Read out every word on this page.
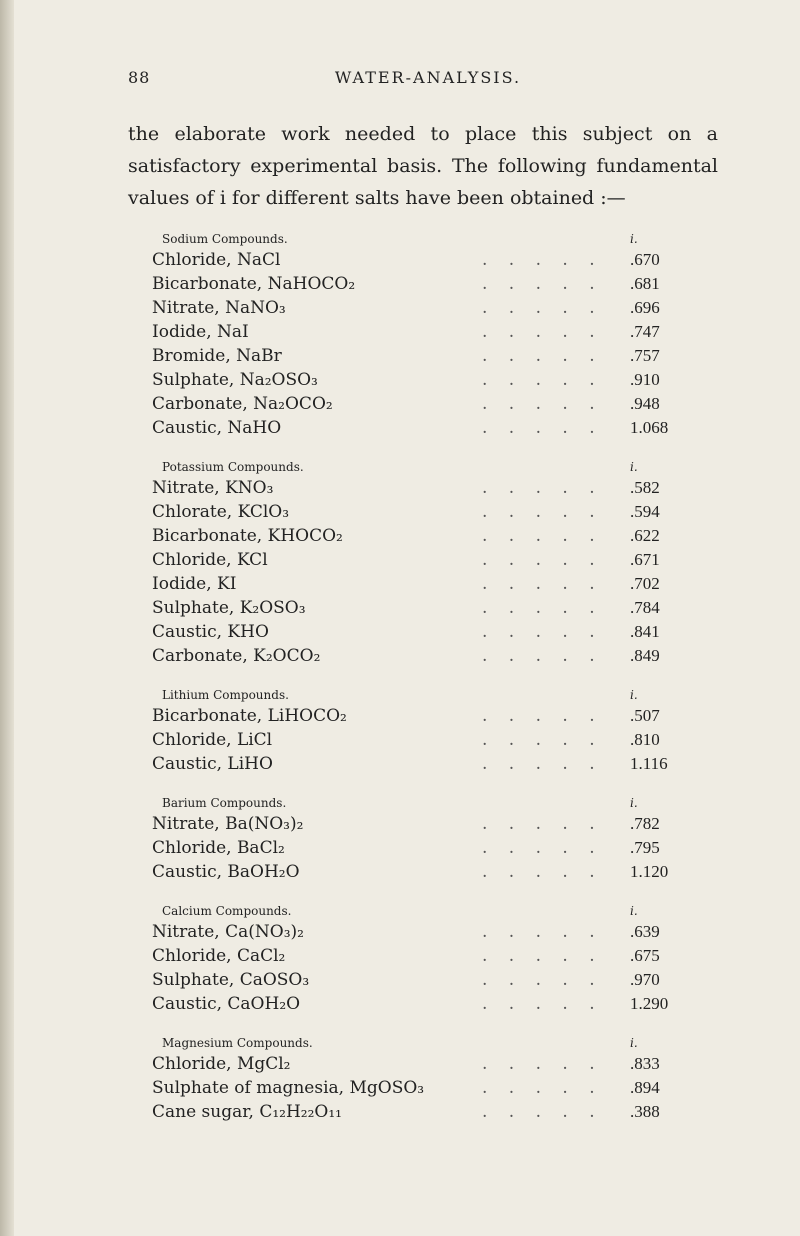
88	WATER-ANALYSIS.

the elaborate work needed to place this subject on a satisfactory experimental basis. The following fundamental values of i for different salts have been obtained :—

Sodium Compounds.	i.
Chloride, NaCl	. . . . . .670
Bicarbonate, NaHOCO₂	. . . . . .681
Nitrate, NaNO₃	. . . . . .696
Iodide, NaI	. . . . . .747
Bromide, NaBr	. . . . . .757
Sulphate, Na₂OSO₃	. . . . . .910
Carbonate, Na₂OCO₂	. . . . . .948
Caustic, NaHO	. . . . . 1.068
Potassium Compounds.	i.
Nitrate, KNO₃	. . . . . .582
Chlorate, KClO₃	. . . . . .594
Bicarbonate, KHOCO₂	. . . . . .622
Chloride, KCl	. . . . . .671
Iodide, KI	. . . . . .702
Sulphate, K₂OSO₃	. . . . . .784
Caustic, KHO	. . . . . .841
Carbonate, K₂OCO₂	. . . . . .849
Lithium Compounds.	i.
Bicarbonate, LiHOCO₂	. . . . . .507
Chloride, LiCl	. . . . . .810
Caustic, LiHO	. . . . . 1.116
Barium Compounds.	i.
Nitrate, Ba(NO₃)₂	. . . . . .782
Chloride, BaCl₂	. . . . . .795
Caustic, BaOH₂O	. . . . . 1.120
Calcium Compounds.	i.
Nitrate, Ca(NO₃)₂	. . . . . .639
Chloride, CaCl₂	. . . . . .675
Sulphate, CaOSO₃	. . . . . .970
Caustic, CaOH₂O	. . . . . 1.290
Magnesium Compounds.	i.
Chloride, MgCl₂	. . . . . .833
Sulphate of magnesia, MgOSO₃	. . . . . .894
Cane sugar, C₁₂H₂₂O₁₁	. . . . . .388
